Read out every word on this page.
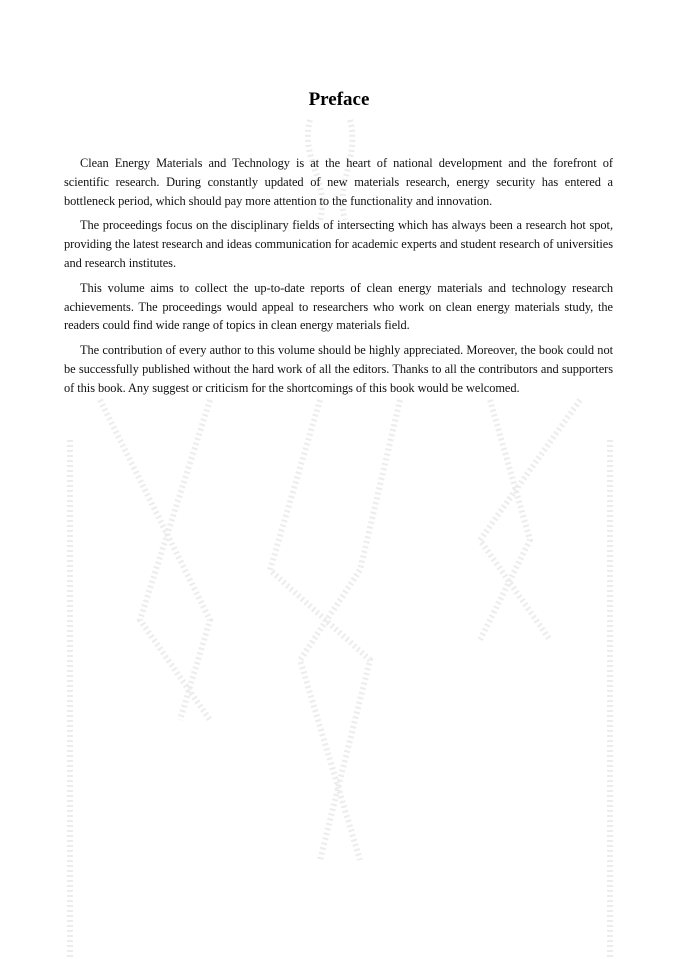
Preface

Clean Energy Materials and Technology is at the heart of national development and the forefront of scientific research. During constantly updated of new materials research, energy security has entered a bottleneck period, which should pay more attention to the functionality and innovation.

The proceedings focus on the disciplinary fields of intersecting which has always been a research hot spot, providing the latest research and ideas communication for academic experts and student research of universities and research institutes.

This volume aims to collect the up-to-date reports of clean energy materials and technology research achievements. The proceedings would appeal to researchers who work on clean energy materials study, the readers could find wide range of topics in clean energy materials field.

The contribution of every author to this volume should be highly appreciated. Moreover, the book could not be successfully published without the hard work of all the editors. Thanks to all the contributors and supporters of this book. Any suggest or criticism for the shortcomings of this book would be welcomed.
